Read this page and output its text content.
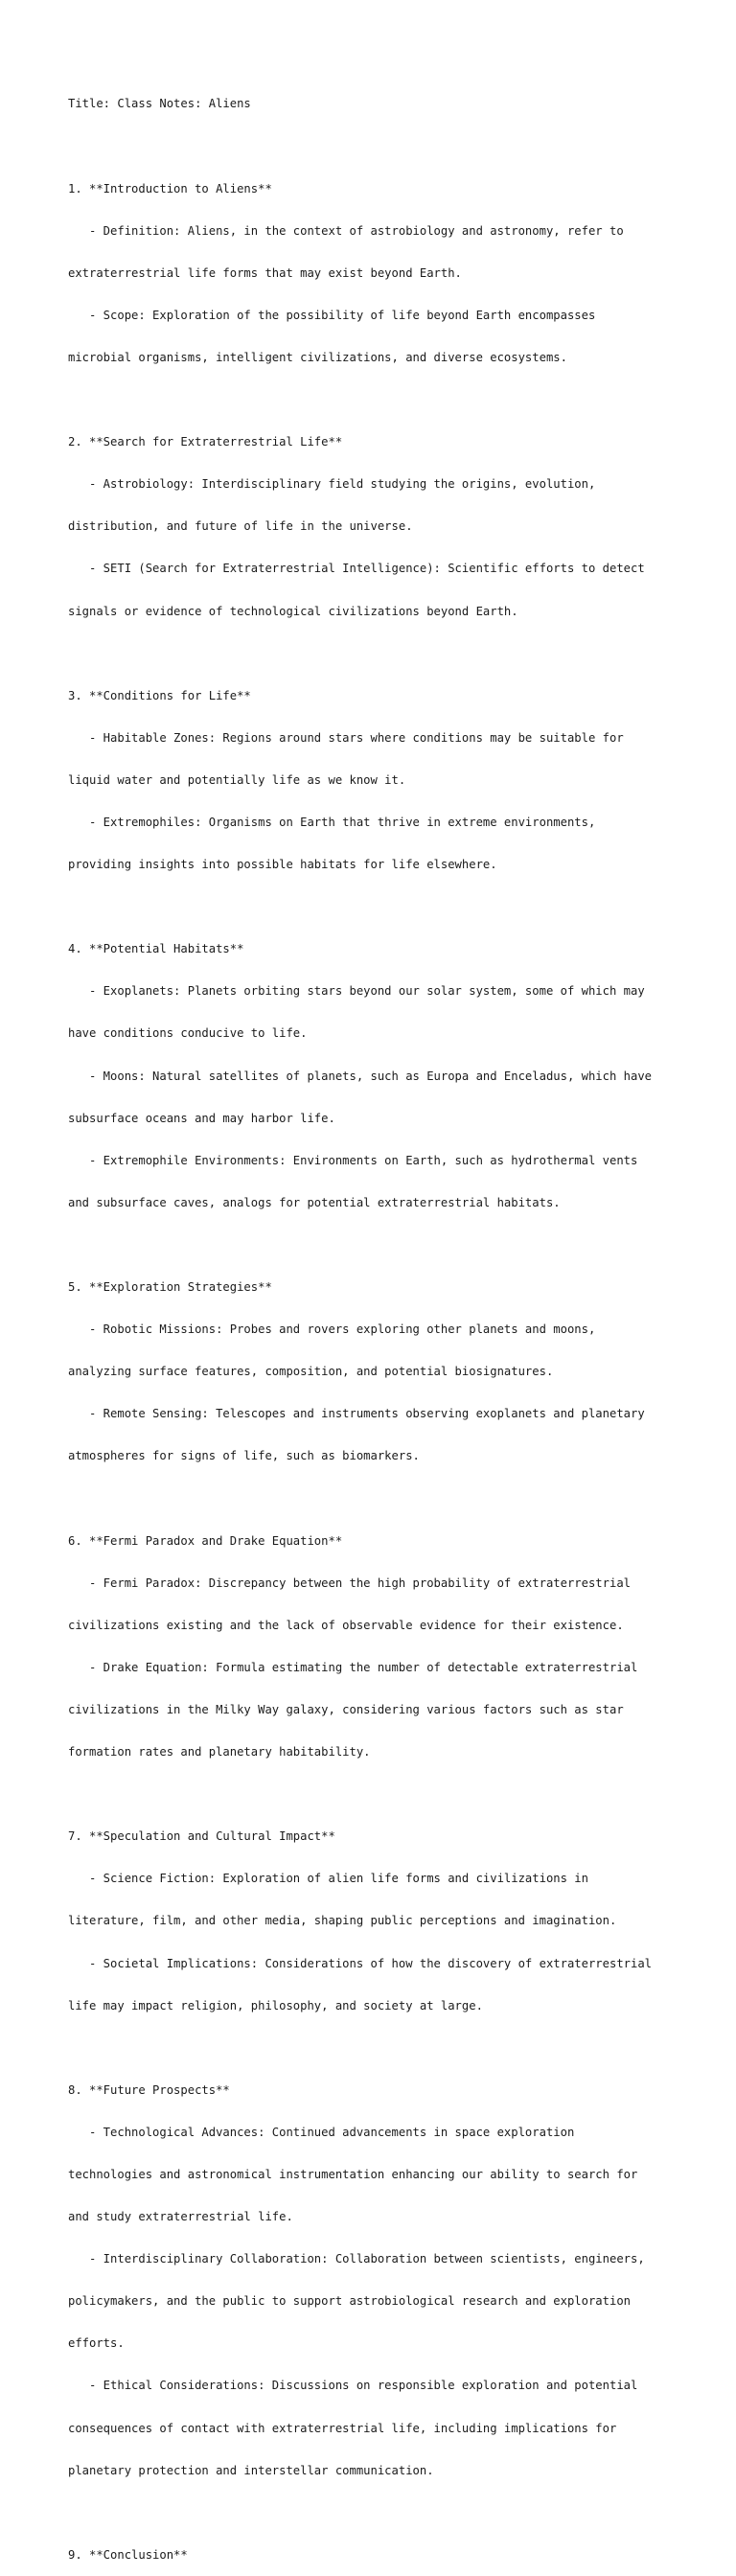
Title: Class Notes: Aliens

1. **Introduction to Aliens**

- Definition: Aliens, in the context of astrobiology and astronomy, refer to

extraterrestrial life forms that may exist beyond Earth.

- Scope: Exploration of the possibility of life beyond Earth encompasses

microbial organisms, intelligent civilizations, and diverse ecosystems.

2. **Search for Extraterrestrial Life**

- Astrobiology: Interdisciplinary field studying the origins, evolution,

distribution, and future of life in the universe.

- SETI (Search for Extraterrestrial Intelligence): Scientific efforts to detect

signals or evidence of technological civilizations beyond Earth.

3. **Conditions for Life**

- Habitable Zones: Regions around stars where conditions may be suitable for

liquid water and potentially life as we know it.

- Extremophiles: Organisms on Earth that thrive in extreme environments,

providing insights into possible habitats for life elsewhere.

4. **Potential Habitats**

- Exoplanets: Planets orbiting stars beyond our solar system, some of which may

have conditions conducive to life.

- Moons: Natural satellites of planets, such as Europa and Enceladus, which have

subsurface oceans and may harbor life.

- Extremophile Environments: Environments on Earth, such as hydrothermal vents

and subsurface caves, analogs for potential extraterrestrial habitats.

5. **Exploration Strategies**

- Robotic Missions: Probes and rovers exploring other planets and moons,

analyzing surface features, composition, and potential biosignatures.

- Remote Sensing: Telescopes and instruments observing exoplanets and planetary

atmospheres for signs of life, such as biomarkers.

6. **Fermi Paradox and Drake Equation**

- Fermi Paradox: Discrepancy between the high probability of extraterrestrial

civilizations existing and the lack of observable evidence for their existence.

- Drake Equation: Formula estimating the number of detectable extraterrestrial

civilizations in the Milky Way galaxy, considering various factors such as star

formation rates and planetary habitability.

7. **Speculation and Cultural Impact**

- Science Fiction: Exploration of alien life forms and civilizations in

literature, film, and other media, shaping public perceptions and imagination.

- Societal Implications: Considerations of how the discovery of extraterrestrial

life may impact religion, philosophy, and society at large.

8. **Future Prospects**

- Technological Advances: Continued advancements in space exploration

technologies and astronomical instrumentation enhancing our ability to search for

and study extraterrestrial life.

- Interdisciplinary Collaboration: Collaboration between scientists, engineers,

policymakers, and the public to support astrobiological research and exploration

efforts.

- Ethical Considerations: Discussions on responsible exploration and potential

consequences of contact with extraterrestrial life, including implications for

planetary protection and interstellar communication.

9. **Conclusion**
